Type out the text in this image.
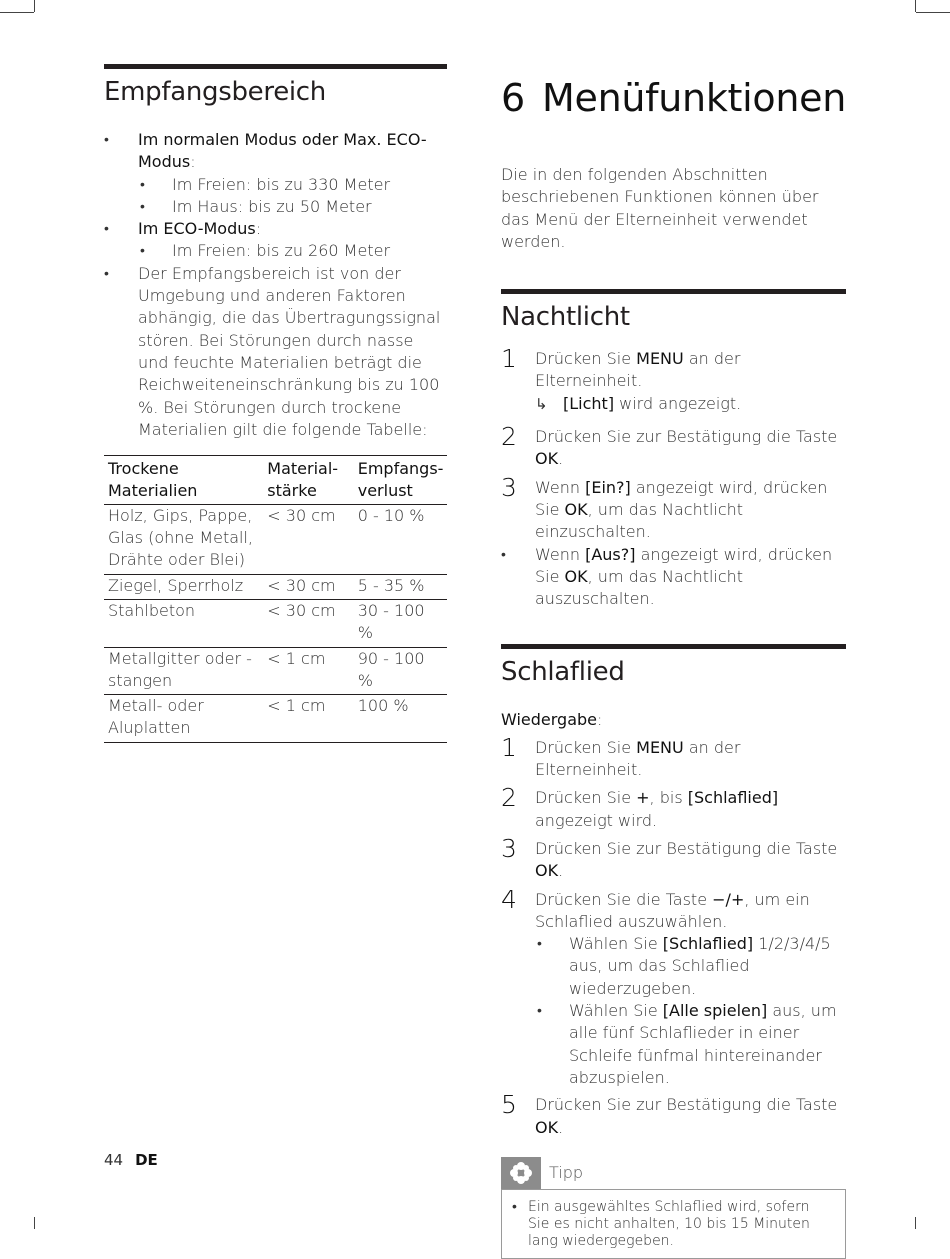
Empfangsbereich
• Im normalen Modus oder Max. ECO-Modus:
• Im Freien: bis zu 330 Meter
• Im Haus: bis zu 50 Meter
• Im ECO-Modus:
• Im Freien: bis zu 260 Meter
• Der Empfangsbereich ist von der Umgebung und anderen Faktoren abhängig, die das Übertragungssignal stören. Bei Störungen durch nasse und feuchte Materialien beträgt die Reichweiteneinschränkung bis zu 100 %. Bei Störungen durch trockene Materialien gilt die folgende Tabelle:
Trockene Materialien	Material-stärke	Empfangs-verlust
Holz, Gips, Pappe, Glas (ohne Metall, Drähte oder Blei)	< 30 cm	0 - 10 %
Ziegel, Sperrholz	< 30 cm	5 - 35 %
Stahlbeton	< 30 cm	30 - 100 %
Metallgitter oder -stangen	< 1 cm	90 - 100 %
Metall- oder Aluplatten	< 1 cm	100 %
6 Menüfunktionen

Die in den folgenden Abschnitten beschriebenen Funktionen können über das Menü der Elterneinheit verwendet werden.

Nachtlicht
1 Drücken Sie MENU an der Elterneinheit.
↳ [Licht] wird angezeigt.
2 Drücken Sie zur Bestätigung die Taste OK.
3 Wenn [Ein?] angezeigt wird, drücken Sie OK, um das Nachtlicht einzuschalten.
• Wenn [Aus?] angezeigt wird, drücken Sie OK, um das Nachtlicht auszuschalten.
Schlaflied
Wiedergabe:
1 Drücken Sie MENU an der Elterneinheit.
2 Drücken Sie +, bis [Schlaflied] angezeigt wird.
3 Drücken Sie zur Bestätigung die Taste OK.
4 Drücken Sie die Taste −/+, um ein Schlaflied auszuwählen.
• Wählen Sie [Schlaflied] 1/2/3/4/5 aus, um das Schlaflied wiederzugeben.
• Wählen Sie [Alle spielen] aus, um alle fünf Schlaflieder in einer Schleife fünfmal hintereinander abzuspielen.
5 Drücken Sie zur Bestätigung die Taste OK.
Tipp
• Ein ausgewähltes Schlaflied wird, sofern Sie es nicht anhalten, 10 bis 15 Minuten lang wiedergegeben.
44 DE
